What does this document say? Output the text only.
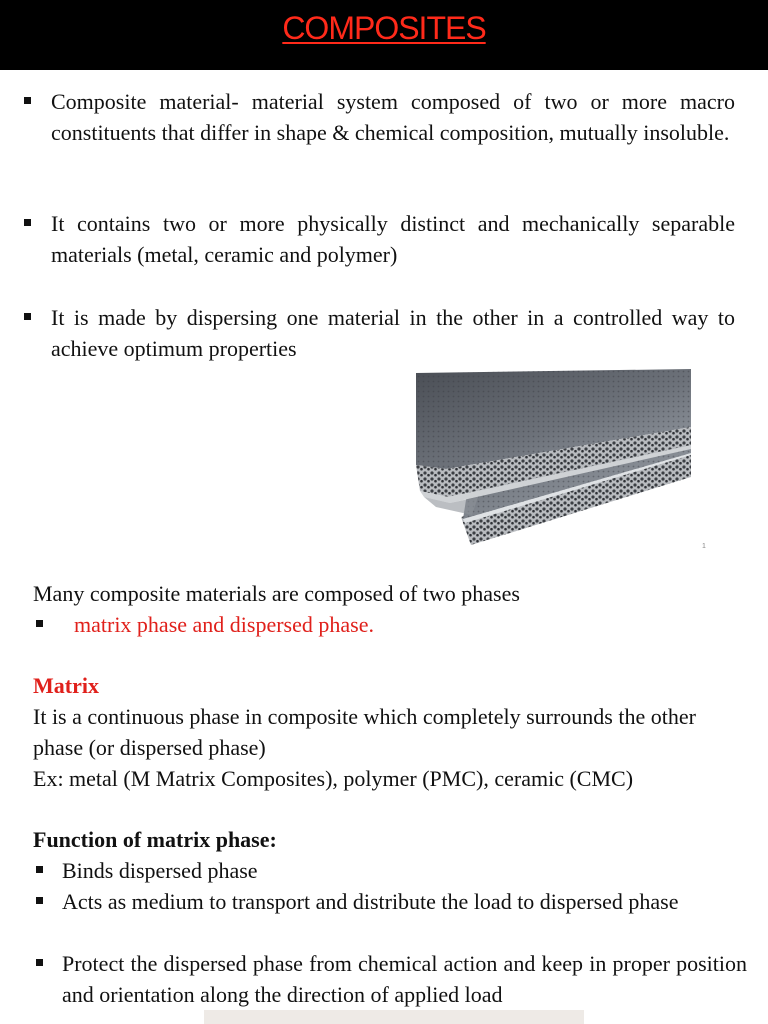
COMPOSITES
Composite material- material system composed of two or more macro constituents that differ in shape & chemical composition, mutually insoluble.
It contains two or more physically distinct and mechanically separable materials (metal, ceramic and polymer)
It is made by dispersing one material in the other in a controlled way to achieve optimum properties
1
Many composite materials are composed of two phases
matrix phase and dispersed phase.
Matrix
It is a continuous phase in composite which completely surrounds the other phase (or dispersed phase)
Ex: metal (M Matrix Composites), polymer (PMC), ceramic (CMC)
Function of matrix phase:
Binds dispersed phase
Acts as medium to transport and distribute the load to dispersed phase
Protect the dispersed phase from chemical action and keep in proper position and orientation along the direction of applied load
